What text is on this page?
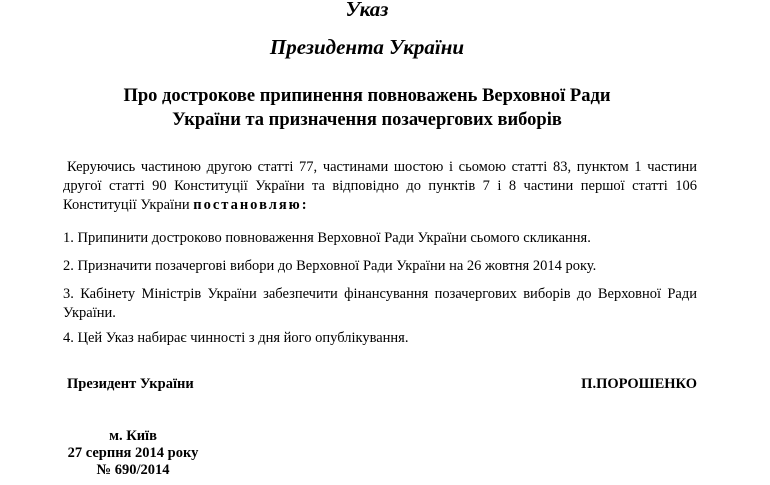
Указ
Президента України
Про дострокове припинення повноважень Верховної Ради
України та призначення позачергових виборів

Керуючись частиною другою статті 77, частинами шостою і сьомою статті 83, пунктом 1 частини другої статті 90 Конституції України та відповідно до пунктів 7 і 8 частини першої статті 106 Конституції України постановляю:

1. Припинити достроково повноваження Верховної Ради України сьомого скликання.

2. Призначити позачергові вибори до Верховної Ради України на 26 жовтня 2014 року.

3. Кабінету Міністрів України забезпечити фінансування позачергових виборів до Верховної Ради України.

4. Цей Указ набирає чинності з дня його опублікування.

Президент України	П.ПОРОШЕНКО
м. Київ
27 серпня 2014 року
№ 690/2014
